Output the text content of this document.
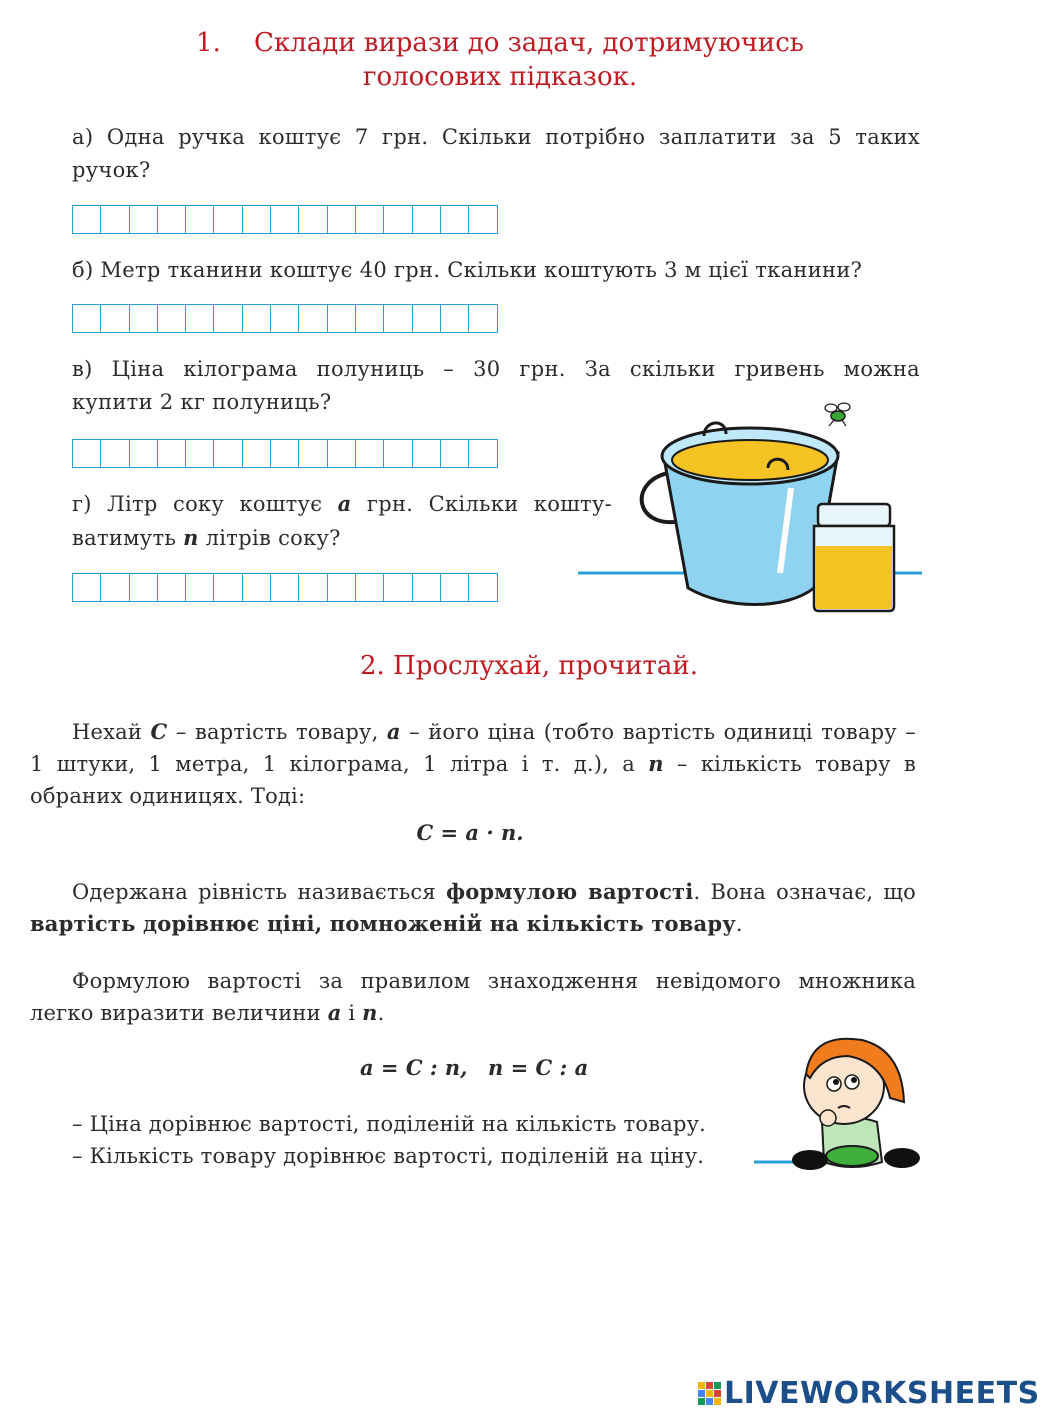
1. Склади вирази до задач, дотримуючись
голосових підказок.
а) Одна ручка коштує 7 грн. Скільки потрібно заплатити за 5 таких
ручок?
б) Метр тканини коштує 40 грн. Скільки коштують 3 м цієї тканини?
в) Ціна кілограма полуниць – 30 грн. За скільки гривень можна
купити 2 кг полуниць?
г) Літр соку коштує a грн. Скільки кошту-
ватимуть n літрів соку?
2. Прослухай, прочитай.
Нехай C – вартість товару, a – його ціна (тобто вартість одиниці товару –
1 штуки, 1 метра, 1 кілограма, 1 літра і т. д.), а n – кількість товару в
обраних одиницях. Тоді:
C = a · n.
Одержана рівність називається формулою вартості. Вона означає, що
вартість дорівнює ціні, помноженій на кількість товару.
Формулою вартості за правилом знаходження невідомого множника
легко виразити величини a і n.
a = C : n, n = C : a
– Ціна дорівнює вартості, поділеній на кількість товару.
– Кількість товару дорівнює вартості, поділеній на ціну.
LIVEWORKSHEETS
